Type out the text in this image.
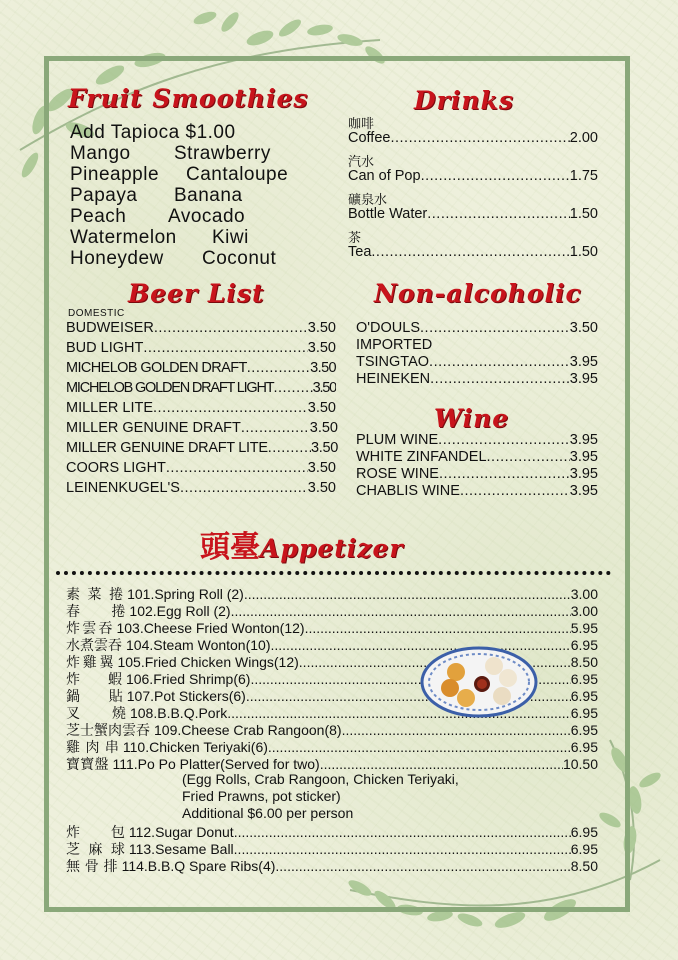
Fruit Smoothies
Add Tapioca $1.00
Mango	Strawberry
Pineapple	Cantaloupe
Papaya	Banana
Peach	Avocado
Watermelon	Kiwi
Honeydew	Coconut
Drinks
咖啡
Coffee .....	2.00
汽水
Can of Pop .....	1.75
礦泉水
Bottle Water .....	1.50
茶
Tea .....	1.50
Beer List
DOMESTIC
BUDWEISER .....	3.50
BUD LIGHT .....	3.50
MICHELOB GOLDEN DRAFT .....	3.50
MICHELOB GOLDEN DRAFT LIGHT .....	3.50
MILLER LITE .....	3.50
MILLER GENUINE DRAFT .....	3.50
MILLER GENUINE DRAFT LITE .....	3.50
COORS LIGHT .....	3.50
LEINENKUGEL'S .....	3.50
Non-alcoholic
O'DOULS .....	3.50
IMPORTED
TSINGTAO .....	3.95
HEINEKEN .....	3.95
Wine
PLUM WINE .....	3.95
WHITE ZINFANDEL .....	3.95
ROSE WINE .....	3.95
CHABLIS WINE .....	3.95
頭臺 Appetizer
素 菜 捲 101. Spring Roll (2) .....	3.00
春 捲 102. Egg Roll (2) .....	3.00
炸 雲 吞 103. Cheese Fried Wonton(12) .....	5.95
水 煮 雲 吞 104. Steam Wonton(10) .....	6.95
炸 雞 翼 105. Fried Chicken Wings(12) .....	8.50
炸 蝦 106. Fried Shrimp(6) .....	6.95
鍋 貼 107. Pot Stickers(6) .....	6.95
叉 燒 108. B.B.Q.Pork .....	6.95
芝士蟹肉雲吞 109. Cheese Crab Rangoon(8) .....	6.95
雞 肉 串 110. Chicken Teriyaki(6) .....	6.95
寶 寶 盤 111. Po Po Platter(Served for two) .....	10.50
炸 包 112. Sugar Donut .....	6.95
芝 麻 球 113. Sesame Ball .....	6.95
無 骨 排 114. B.B.Q Spare Ribs(4) .....	8.50
(Egg Rolls, Crab Rangoon, Chicken Teriyaki,
Fried Prawns, pot sticker)
Additional $6.00 per person
